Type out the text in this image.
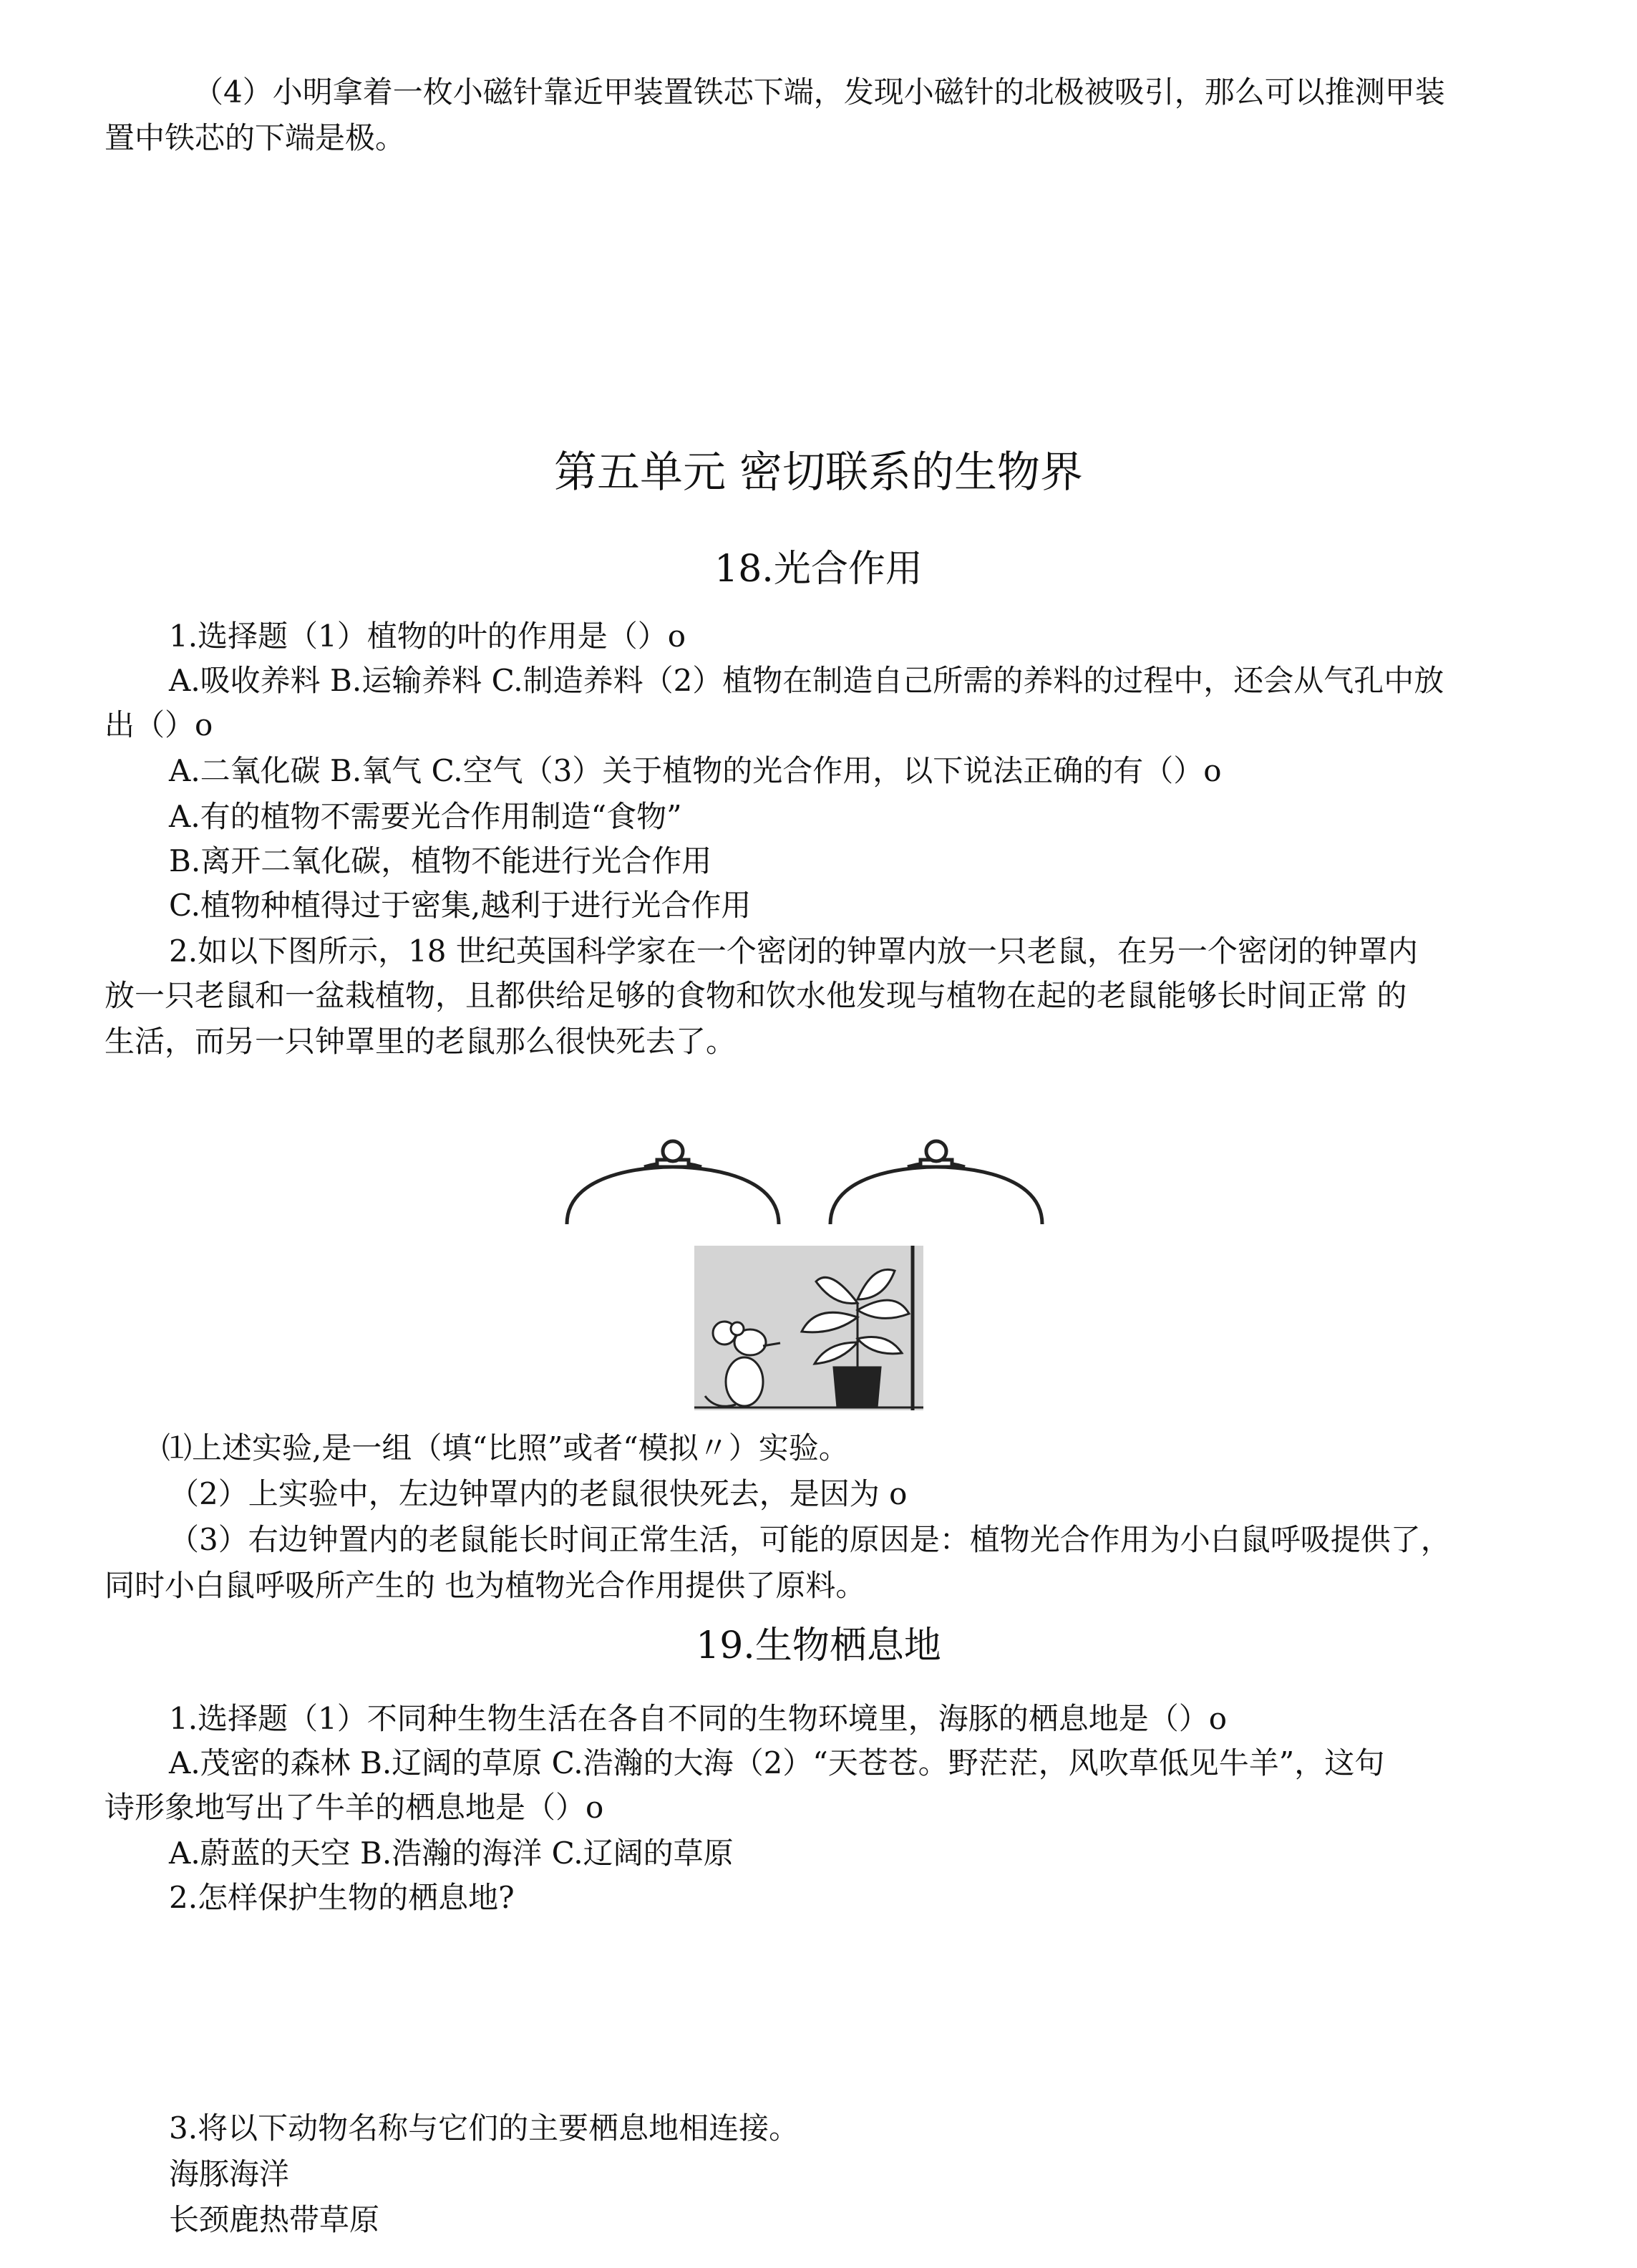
（4）小明拿着一枚小磁针靠近甲装置铁芯下端，发现小磁针的北极被吸引，那么可以推测甲装
置中铁芯的下端是极。
第五单元 密切联系的生物界
18.光合作用
1.选择题（1）植物的叶的作用是（）o
A.吸收养料 B.运输养料 C.制造养料（2）植物在制造自己所需的养料的过程中，还会从气孔中放
出（）o
A.二氧化碳 B.氧气 C.空气（3）关于植物的光合作用，以下说法正确的有（）o
A.有的植物不需要光合作用制造“食物”
B.离开二氧化碳，植物不能进行光合作用
C.植物种植得过于密集,越利于进行光合作用
2.如以下图所示，18 世纪英国科学家在一个密闭的钟罩内放一只老鼠，在另一个密闭的钟罩内
放一只老鼠和一盆栽植物，且都供给足够的食物和饮水他发现与植物在起的老鼠能够长时间正常 的
生活，而另一只钟罩里的老鼠那么很快死去了。
⑴上述实验,是一组（填“比照”或者“模拟〃）实验。
（2）上实验中，左边钟罩内的老鼠很快死去，是因为 o
（3）右边钟置内的老鼠能长时间正常生活，可能的原因是：植物光合作用为小白鼠呼吸提供了，
同时小白鼠呼吸所产生的 也为植物光合作用提供了原料。
19.生物栖息地
1.选择题（1）不同种生物生活在各自不同的生物环境里，海豚的栖息地是（）o
A.茂密的森林 B.辽阔的草原 C.浩瀚的大海（2）“天苍苍。野茫茫，风吹草低见牛羊”，这句
诗形象地写出了牛羊的栖息地是（）o
A.蔚蓝的天空 B.浩瀚的海洋 C.辽阔的草原
2.怎样保护生物的栖息地?
3.将以下动物名称与它们的主要栖息地相连接。
海豚海洋
长颈鹿热带草原
